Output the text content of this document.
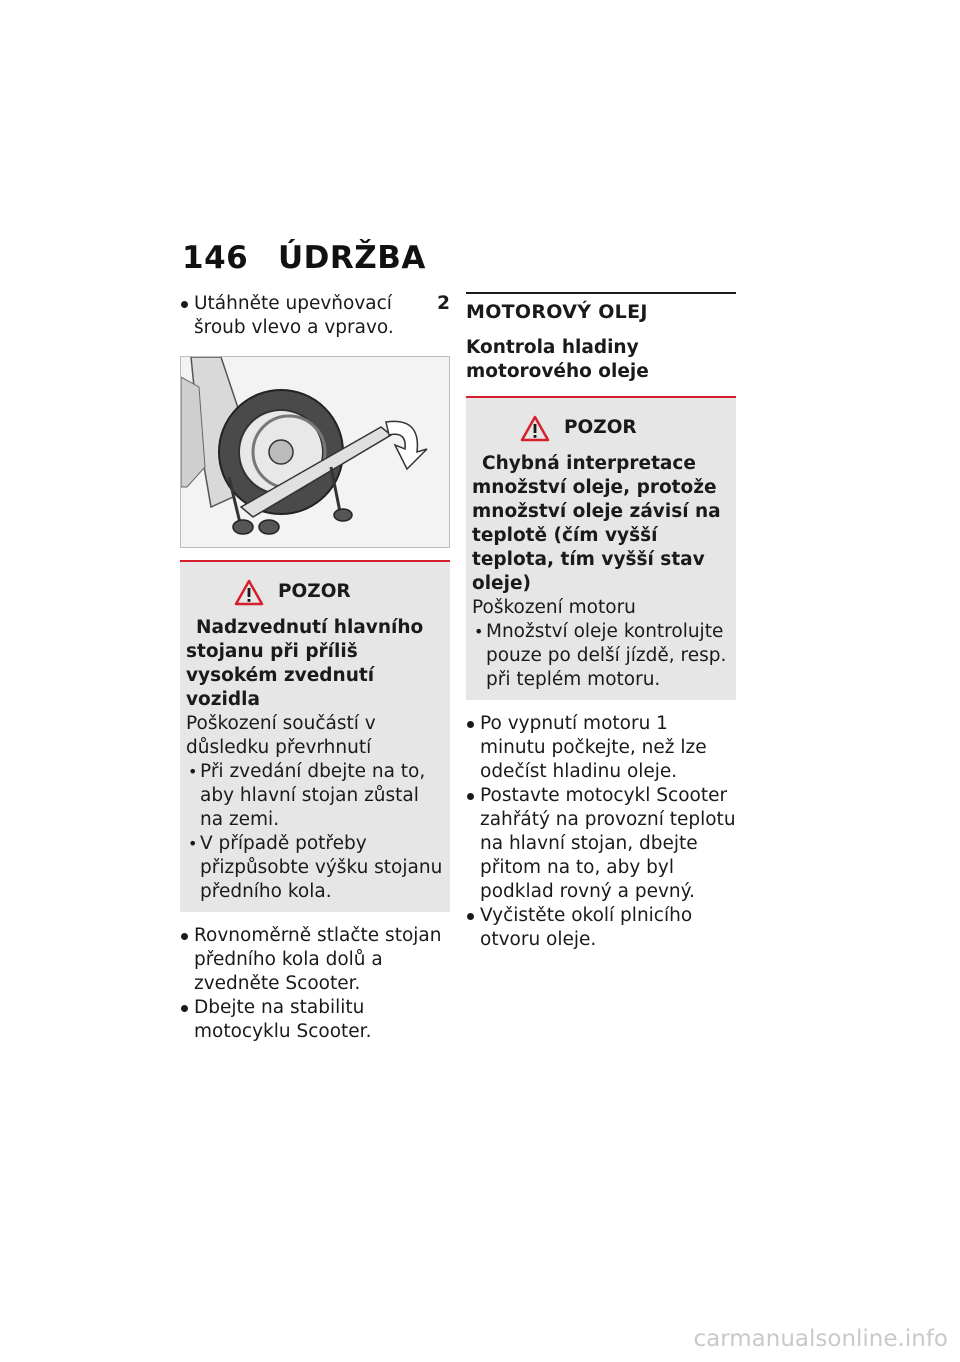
146 ÚDRŽBA
2
Utáhněte upevňovací šroub vlevo a vpravo.
POZOR
Nadzvednutí hlavního stojanu při příliš vysokém zvednutí vozidla
Poškození součástí v důsledku převrhnutí
• Při zvedání dbejte na to, aby hlavní stojan zůstal na zemi.
• V případě potřeby přizpůsobte výšku stojanu předního kola.
Rovnoměrně stlačte stojan předního kola dolů a zvedněte Scooter.
Dbejte na stabilitu motocyklu Scooter.
MOTOROVÝ OLEJ
Kontrola hladiny motorového oleje
POZOR
Chybná interpretace množství oleje, protože množství oleje závisí na teplotě (čím vyšší teplota, tím vyšší stav oleje)
Poškození motoru
• Množství oleje kontrolujte pouze po delší jízdě, resp. při teplém motoru.
Po vypnutí motoru 1 minutu počkejte, než lze odečíst hladinu oleje.
Postavte motocykl Scooter zahřátý na provozní teplotu na hlavní stojan, dbejte přitom na to, aby byl podklad rovný a pevný.
Vyčistěte okolí plnicího otvoru oleje.
carmanualsonline.info
